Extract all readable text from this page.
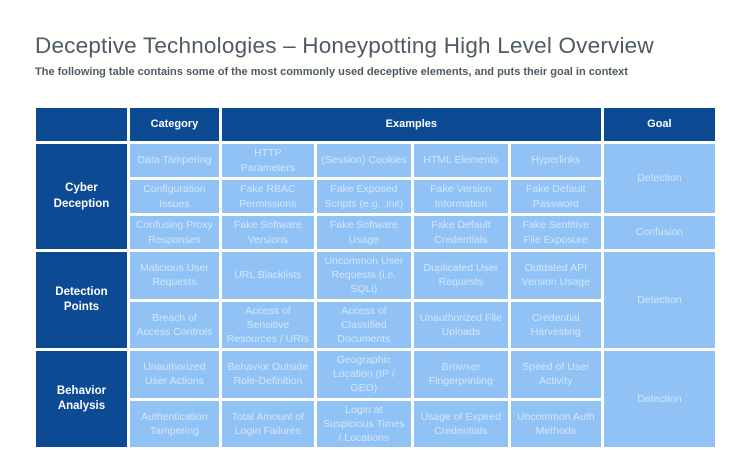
Deceptive Technologies – Honeypotting High Level Overview
The following table contains some of the most commonly used deceptive elements, and puts their goal in context
	Category	Examples				Goal
Cyber Deception	Data Tampering	HTTP Parameters	(Session) Cookies	HTML Elements	Hyperlinks	Detection
	Configuration Issues	Fake RBAC Permissions	Fake Exposed Scripts (e.g. .init)	Fake Version Information	Fake Default Password	
	Confusing Proxy Responses	Fake Software Versions	Fake Software Usage	Fake Default Credentials	Fake Sentitive File Exposure	Confusion
Detection Points	Malicious User Requests	URL Blacklists	Uncommon User Requests (i.e. SQLi)	Duplicated User Requests	Outdated API Version Usage	Detection
	Breach of Access Controls	Access of Sensitive Resources / URIs	Access of Classified Documents	Unauthorized File Uploads	Credential Harvesting	
Behavior Analysis	Unauthorized User Actions	Behavior Outside Role-Definition	Geographic Location (IP / GEO)	Browser Fingerprinting	Speed of User Activity	Detection
	Authentication Tampering	Total Amount of Login Failures	Login at Suspicious Times / Locations	Usage of Expired Credentials	Uncommon Auth Methods	
